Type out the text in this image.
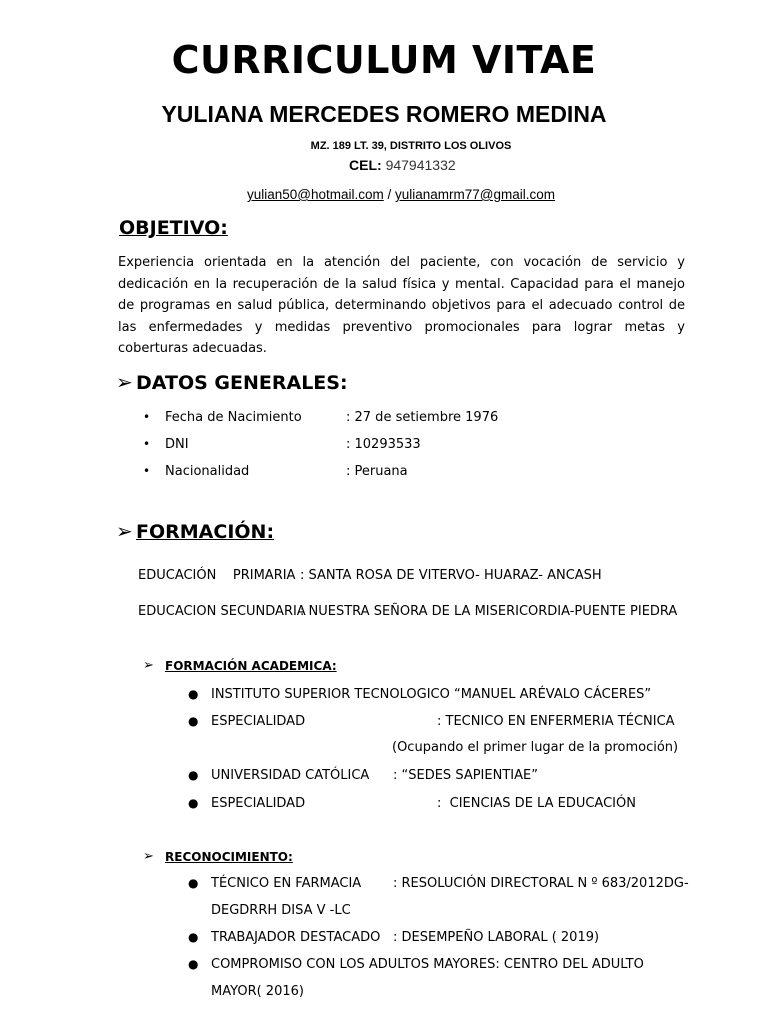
CURRICULUM VITAE
YULIANA MERCEDES ROMERO MEDINA
MZ. 189 LT. 39, DISTRITO LOS OLIVOS
CEL: 947941332
yulian50@hotmail.com / yulianamrm77@gmail.com
OBJETIVO:
Experiencia orientada en la atención del paciente, con vocación de servicio y dedicación en la recuperación de la salud física y mental. Capacidad para el manejo de programas en salud pública, determinando objetivos para el adecuado control de las enfermedades y medidas preventivo promocionales para lograr metas y coberturas adecuadas.
➢ DATOS GENERALES:
• Fecha de Nacimiento	: 27 de setiembre 1976
• DNI	: 10293533
• Nacionalidad	: Peruana
➢ FORMACIÓN:
EDUCACIÓN    PRIMARIA : SANTA ROSA DE VITERVO- HUARAZ- ANCASH
EDUCACION SECUNDARIA
: NUESTRA SEÑORA DE LA MISERICORDIA-PUENTE PIEDRA
➢ FORMACIÓN ACADEMICA:
● INSTITUTO SUPERIOR TECNOLOGICO “MANUEL ARÉVALO CÁCERES”
● ESPECIALIDAD	: TECNICO EN ENFERMERIA TÉCNICA
(Ocupando el primer lugar de la promoción)
● UNIVERSIDAD CATÓLICA : “SEDES SAPIENTIAE”
● ESPECIALIDAD	:  CIENCIAS DE LA EDUCACIÓN
➢ RECONOCIMIENTO:
● TÉCNICO EN FARMACIA : RESOLUCIÓN DIRECTORAL N º 683/2012DG-
DEGDRRH DISA V -LC
● TRABAJADOR DESTACADO : DESEMPEÑO LABORAL ( 2019)
● COMPROMISO CON LOS ADULTOS MAYORES: CENTRO DEL ADULTO
MAYOR( 2016)
